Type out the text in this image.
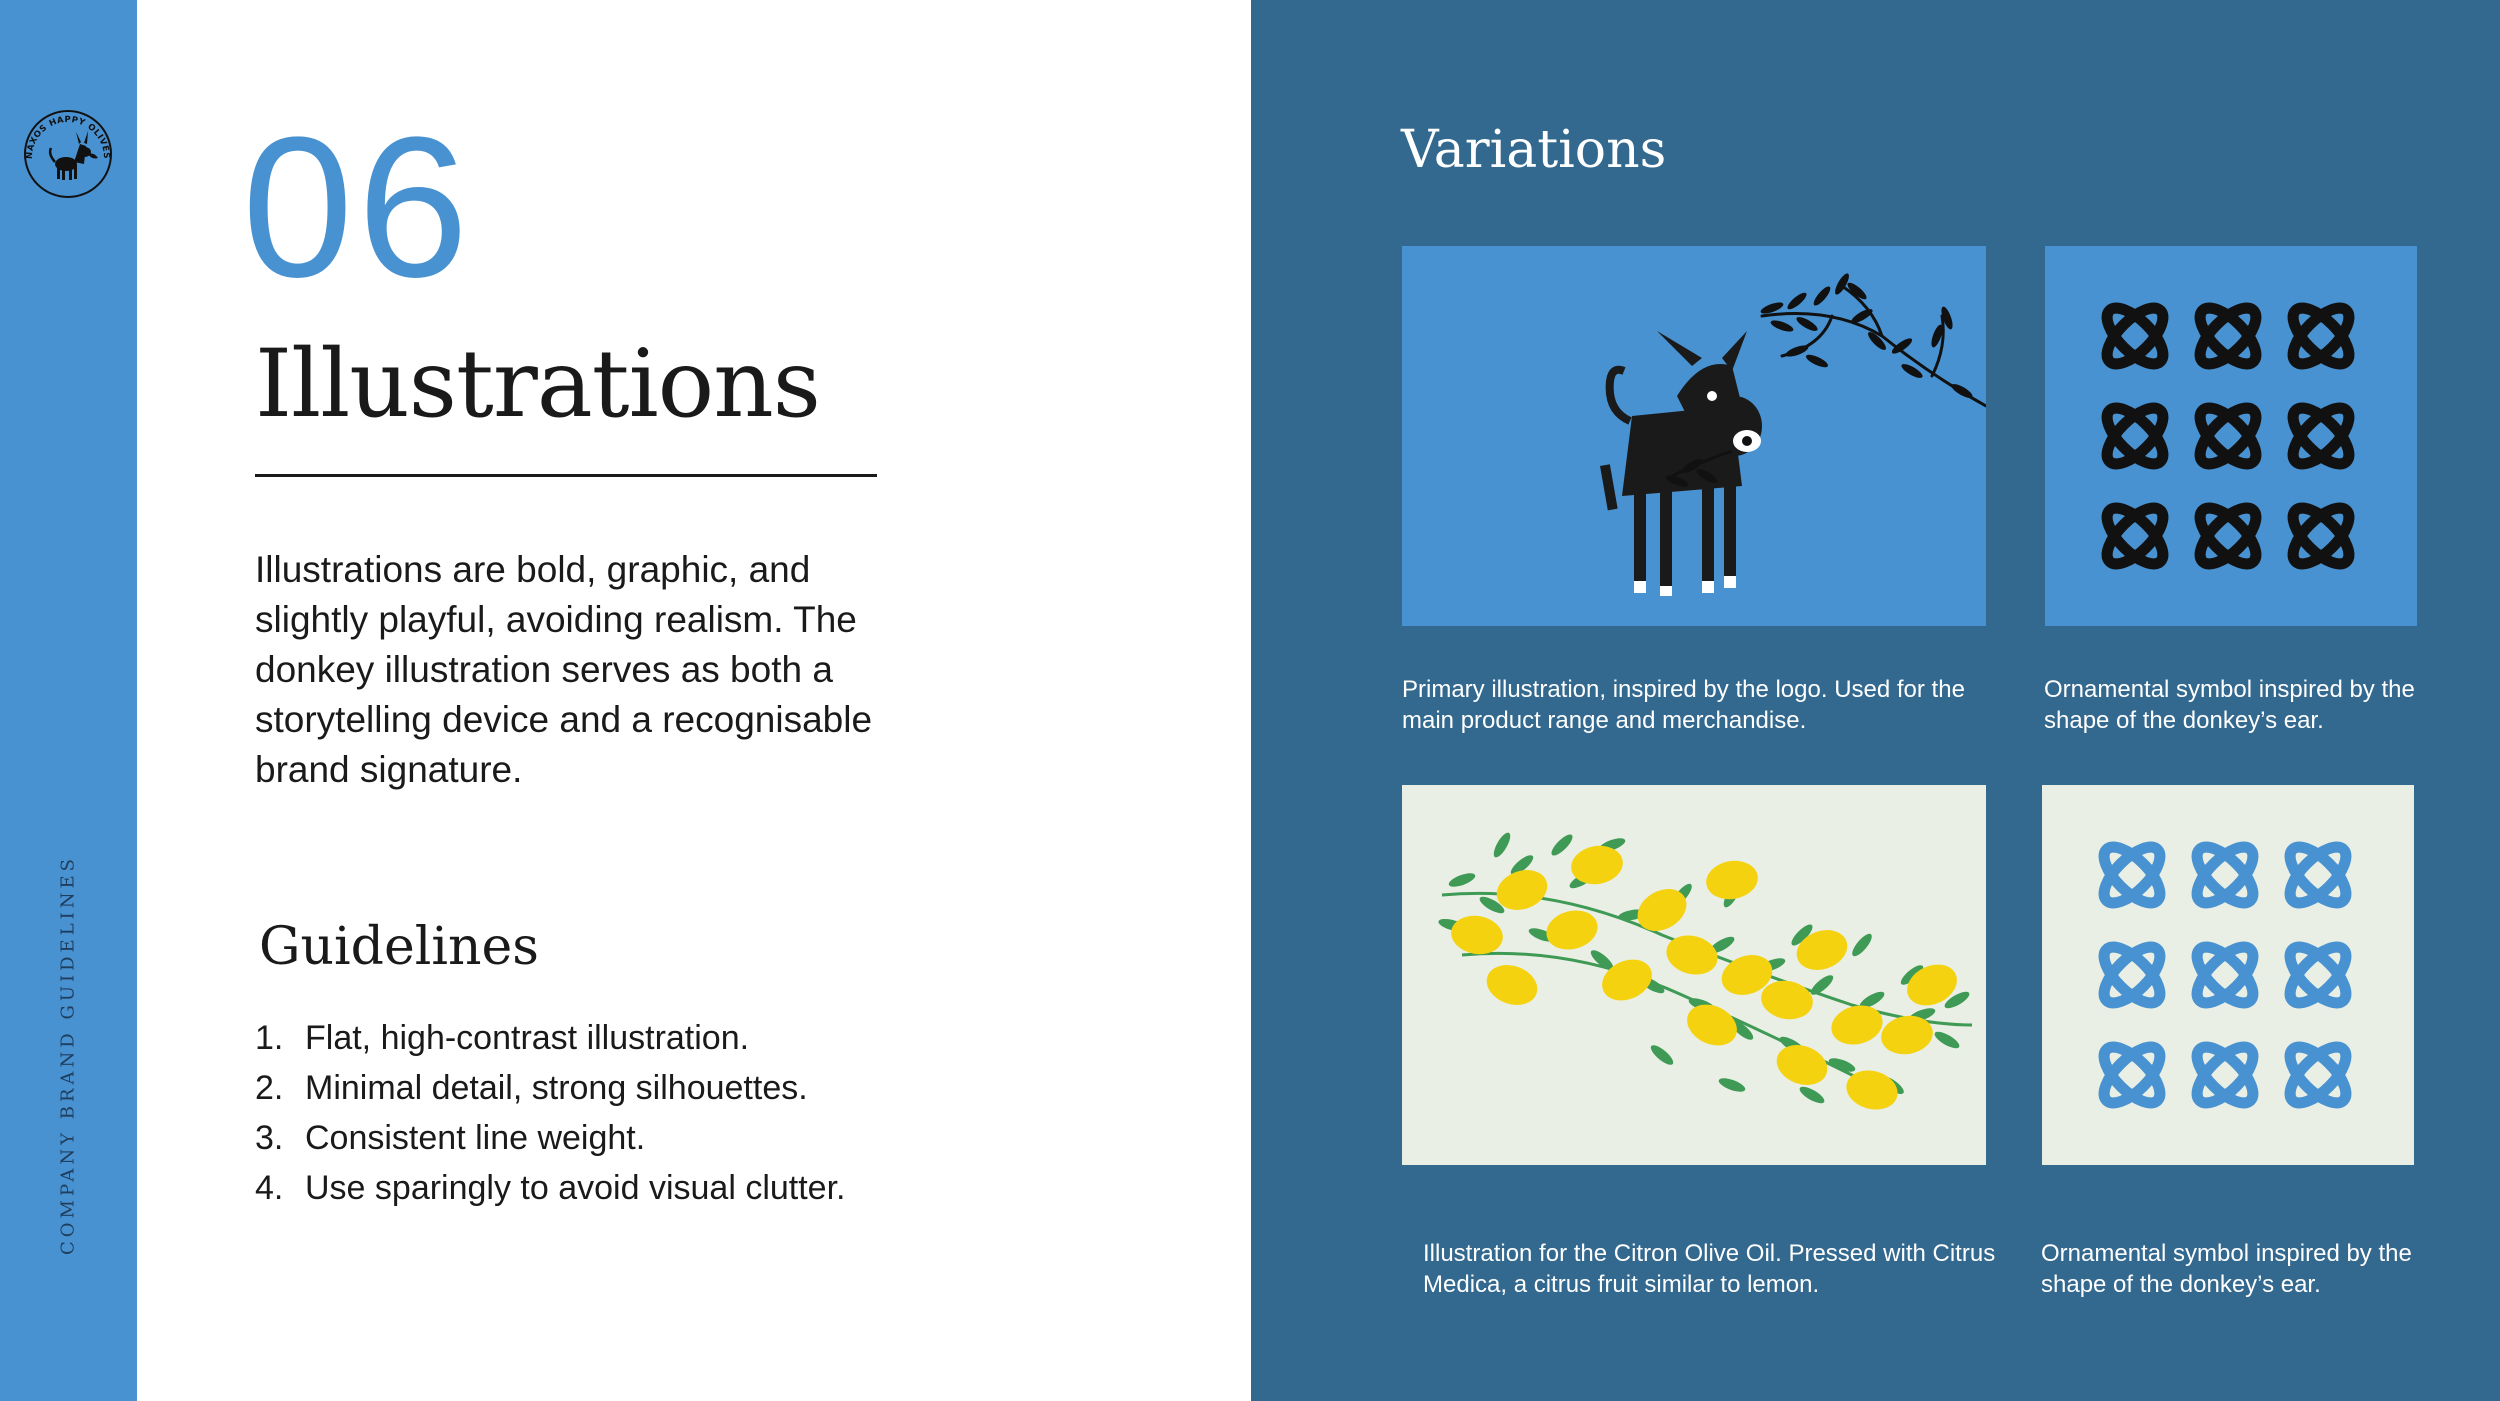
NAXOS HAPPY OLIVES
COMPANY BRAND GUIDELINES
06
Illustrations
Illustrations are bold, graphic, and slightly playful, avoiding realism. The donkey illustration serves as both a storytelling device and a recognisable brand signature.
Guidelines
1. Flat, high-contrast illustration.
2. Minimal detail, strong silhouettes.
3. Consistent line weight.
4. Use sparingly to avoid visual clutter.
Variations
Primary illustration, inspired by the logo. Used for the main product range and merchandise.
Ornamental symbol inspired by the shape of the donkey’s ear.
Illustration for the Citron Olive Oil. Pressed with Citrus Medica, a citrus fruit similar to lemon.
Ornamental symbol inspired by the shape of the donkey’s ear.
